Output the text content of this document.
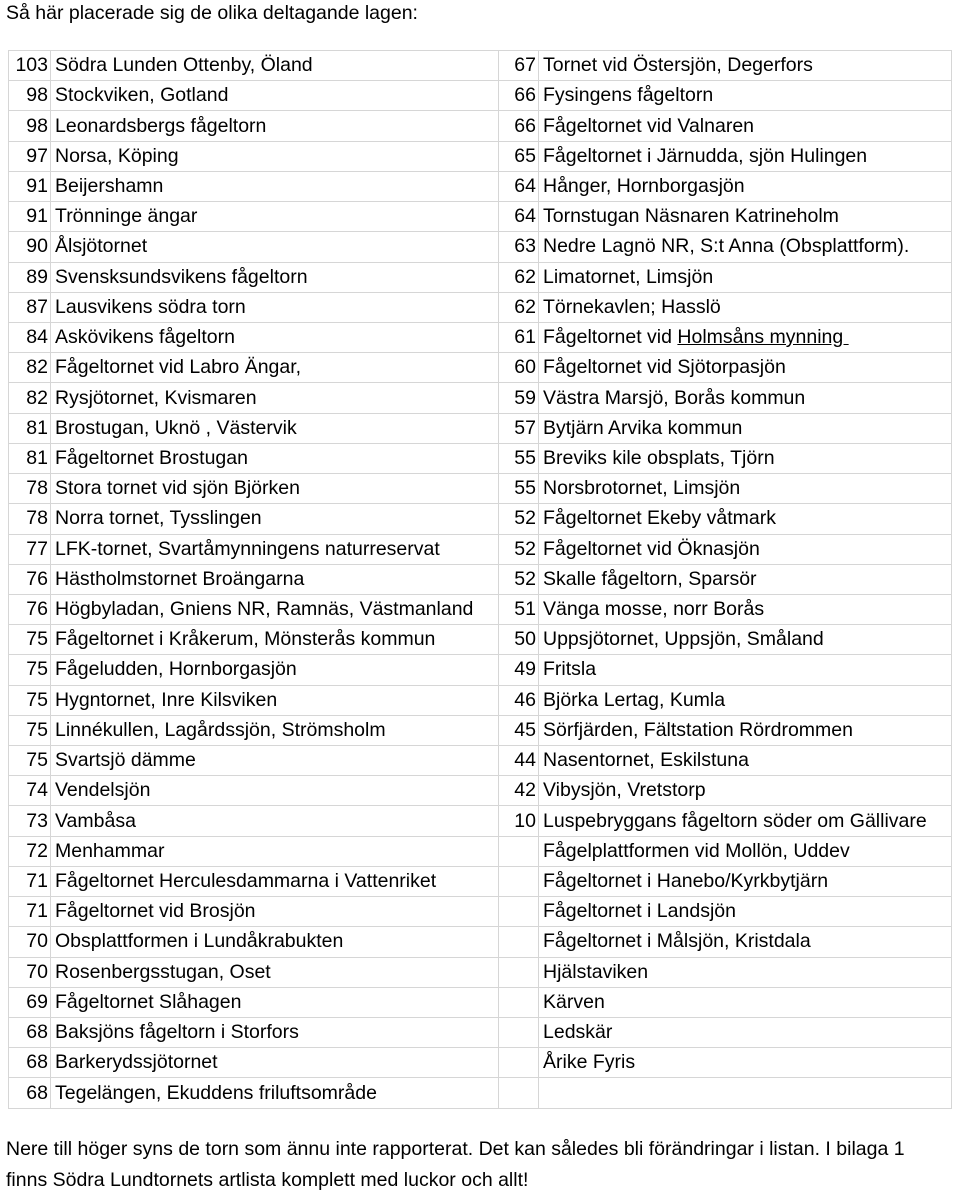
Så här placerade sig de olika deltagande lagen:
103	Södra Lunden Ottenby, Öland	67	Tornet vid Östersjön, Degerfors
98	Stockviken, Gotland	66	Fysingens fågeltorn
98	Leonardsbergs fågeltorn	66	Fågeltornet vid Valnaren
97	Norsa, Köping	65	Fågeltornet i Järnudda, sjön Hulingen
91	Beijershamn	64	Hånger, Hornborgasjön
91	Trönninge ängar	64	Tornstugan Näsnaren Katrineholm
90	Ålsjötornet	63	Nedre Lagnö NR, S:t Anna (Obsplattform).
89	Svensksundsvikens fågeltorn	62	Limatornet, Limsjön
87	Lausvikens södra torn	62	Törnekavlen; Hasslö
84	Askövikens fågeltorn	61	Fågeltornet vid Holmsåns mynning
82	Fågeltornet vid Labro Ängar,	60	Fågeltornet vid Sjötorpasjön
82	Rysjötornet, Kvismaren	59	Västra Marsjö, Borås kommun
81	Brostugan, Uknö , Västervik	57	Bytjärn Arvika kommun
81	Fågeltornet Brostugan	55	Breviks kile obsplats, Tjörn
78	Stora tornet vid sjön Björken	55	Norsbrotornet, Limsjön
78	Norra tornet, Tysslingen	52	Fågeltornet Ekeby våtmark
77	LFK-tornet, Svartåmynningens naturreservat	52	Fågeltornet vid Öknasjön
76	Hästholmstornet Broängarna	52	Skalle fågeltorn, Sparsör
76	Högbyladan, Gniens NR, Ramnäs, Västmanland	51	Vänga mosse, norr Borås
75	Fågeltornet i Kråkerum, Mönsterås kommun	50	Uppsjötornet, Uppsjön, Småland
75	Fågeludden, Hornborgasjön	49	Fritsla
75	Hygntornet, Inre Kilsviken	46	Björka Lertag, Kumla
75	Linnékullen, Lagårdssjön, Strömsholm	45	Sörfjärden, Fältstation Rördrommen
75	Svartsjö dämme	44	Nasentornet, Eskilstuna
74	Vendelsjön	42	Vibysjön, Vretstorp
73	Vambåsa	10	Luspebryggans fågeltorn söder om Gällivare
72	Menhammar		Fågelplattformen vid Mollön, Uddev
71	Fågeltornet Herculesdammarna i Vattenriket		Fågeltornet i Hanebo/Kyrkbytjärn
71	Fågeltornet vid Brosjön		Fågeltornet i Landsjön
70	Obsplattformen i Lundåkrabukten		Fågeltornet i Målsjön, Kristdala
70	Rosenbergsstugan, Oset		Hjälstaviken
69	Fågeltornet Slåhagen		Kärven
68	Baksjöns fågeltorn i Storfors		Ledskär
68	Barkerydssjötornet		Årike Fyris
68	Tegelängen, Ekuddens friluftsområde		
Nere till höger syns de torn som ännu inte rapporterat. Det kan således bli förändringar i listan. I bilaga 1 finns Södra Lundtornets artlista komplett med luckor och allt!
